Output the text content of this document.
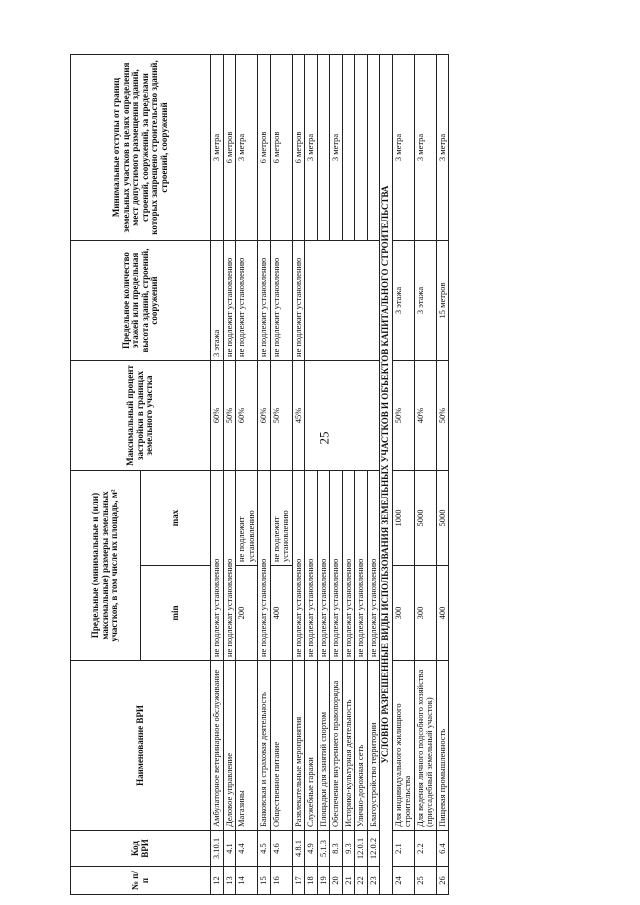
25
№ п/п	Код ВРИ	Наименование ВРИ	Предельные (минимальные и (или) максимальные) размеры земельных участков, в том числе их площадь, м²		Максимальный процент застройки в границах земельного участка	Предельное количество этажей или предельная высота зданий, строений, сооружений	Минимальные отступы от границ земельных участков в целях определения мест допустимого размещения зданий, строений, сооружений, за пределами которых запрещено строительство зданий, строений, сооружений
			min	max			
12	3.10.1	Амбулаторное ветеринарное обслуживание	не подлежат установлению		60%	3 этажа	3 метра
13	4.1	Деловое управление	не подлежат установлению		50%	не подлежит установлению	6 метров
14	4.4	Магазины	200	не подлежит установлению	60%	не подлежит установлению	3 метра
15	4.5	Банковская и страховая деятельность	не подлежат установлению		60%	не подлежит установлению	6 метров
16	4.6	Общественное питание	400	не подлежит установлению	50%	не подлежит установлению	6 метров
17	4.8.1	Развлекательные мероприятия	не подлежат установлению		45%	не подлежит установлению	6 метров
18	4.9	Служебные гаражи	не подлежат установлению				3 метра
19	5.1.3	Площадки для занятий спортом	не подлежат установлению				
20	8.3	Обеспечение внутреннего правопорядка	не подлежат установлению				3 метра
21	9.3	Историко-культурная деятельность	не подлежат установлению				
22	12.0.1	Улично-дорожная сеть	не подлежат установлению				
23	12.0.2	Благоустройство территории	не подлежат установлению				
УСЛОВНО РАЗРЕШЕННЫЕ ВИДЫ ИСПОЛЬЗОВАНИЯ ЗЕМЕЛЬНЫХ УЧАСТКОВ И ОБЪЕКТОВ КАПИТАЛЬНОГО СТРОИТЕЛЬСТВА							
24	2.1	Для индивидуального жилищного строительства	300	1000	50%	3 этажа	3 метра
25	2.2	Для ведения личного подсобного хозяйства (приусадебный земельный участок)	300	5000	40%	3 этажа	3 метра
26	6.4	Пищевая промышленность	400	5000	50%	15 метров	3 метра
